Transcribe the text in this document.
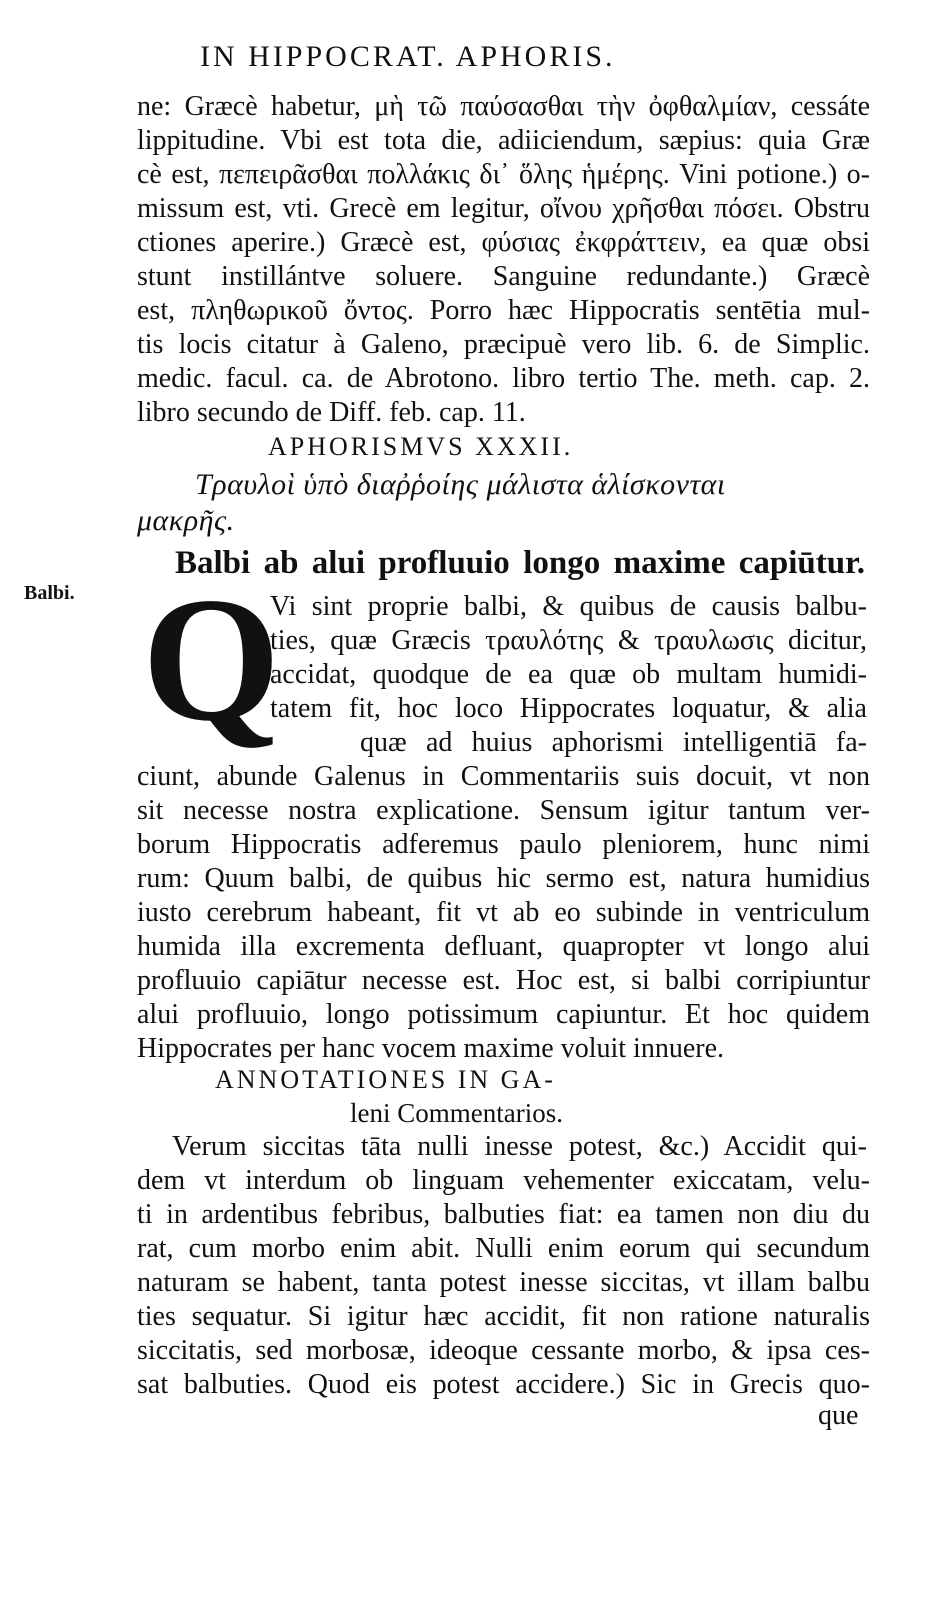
IN HIPPOCRAT. APHORIS.
ne: Græcè habetur, μὴ τῶ παύσασθαι τὴν ὀφθαλμίαν, cessáte
lippitudine. Vbi est tota die, adiiciendum, sæpius: quia Græ
cè est, πεπειρᾶσθαι πολλάκις δι᾽ ὅλης ἡμέρης. Vini potione.) o-
missum est, vti. Grecè em legitur, οἴνου χρῆσθαι πόσει. Obstru
ctiones aperire.) Græcè est, φύσιας ἐκφράττειν, ea quæ obsi
stunt instillántve soluere. Sanguine redundante.) Græcè
est, πληθωρικοῦ ὄντος. Porro hæc Hippocratis sentētia mul-
tis locis citatur à Galeno, præcipuè vero lib. 6. de Simplic.
medic. facul. ca. de Abrotono. libro tertio The. meth. cap. 2.
libro secundo de Diff. feb. cap. 11.
APHORISMVS XXXII.
Τραυλοὶ ὑπὸ διαῤῥοίης μάλιστα ἁλίσκονται
μακρῆς.
Balbi ab alui profluuio longo maxime capiūtur.
Balbi. Q
Vi sint proprie balbi, & quibus de causis balbu-
ties, quæ Græcis τραυλότης & τραυλωσις dicitur,
accidat, quodque de ea quæ ob multam humidi-
tatem fit, hoc loco Hippocrates loquatur, & alia
quæ ad huius aphorismi intelligentiā fa-
ciunt, abunde Galenus in Commentariis suis docuit, vt non
sit necesse nostra explicatione. Sensum igitur tantum ver-
borum Hippocratis adferemus paulo pleniorem, hunc nimi
rum: Quum balbi, de quibus hic sermo est, natura humidius
iusto cerebrum habeant, fit vt ab eo subinde in ventriculum
humida illa excrementa defluant, quapropter vt longo alui
profluuio capiātur necesse est. Hoc est, si balbi corripiuntur
alui profluuio, longo potissimum capiuntur. Et hoc quidem
Hippocrates per hanc vocem maxime voluit innuere.
ANNOTATIONES IN GA-
leni Commentarios.
Verum siccitas tāta nulli inesse potest, &c.) Accidit qui-
dem vt interdum ob linguam vehementer exiccatam, velu-
ti in ardentibus febribus, balbuties fiat: ea tamen non diu du
rat, cum morbo enim abit. Nulli enim eorum qui secundum
naturam se habent, tanta potest inesse siccitas, vt illam balbu
ties sequatur. Si igitur hæc accidit, fit non ratione naturalis
siccitatis, sed morbosæ, ideoque cessante morbo, & ipsa ces-
sat balbuties. Quod eis potest accidere.) Sic in Grecis quo-
que
